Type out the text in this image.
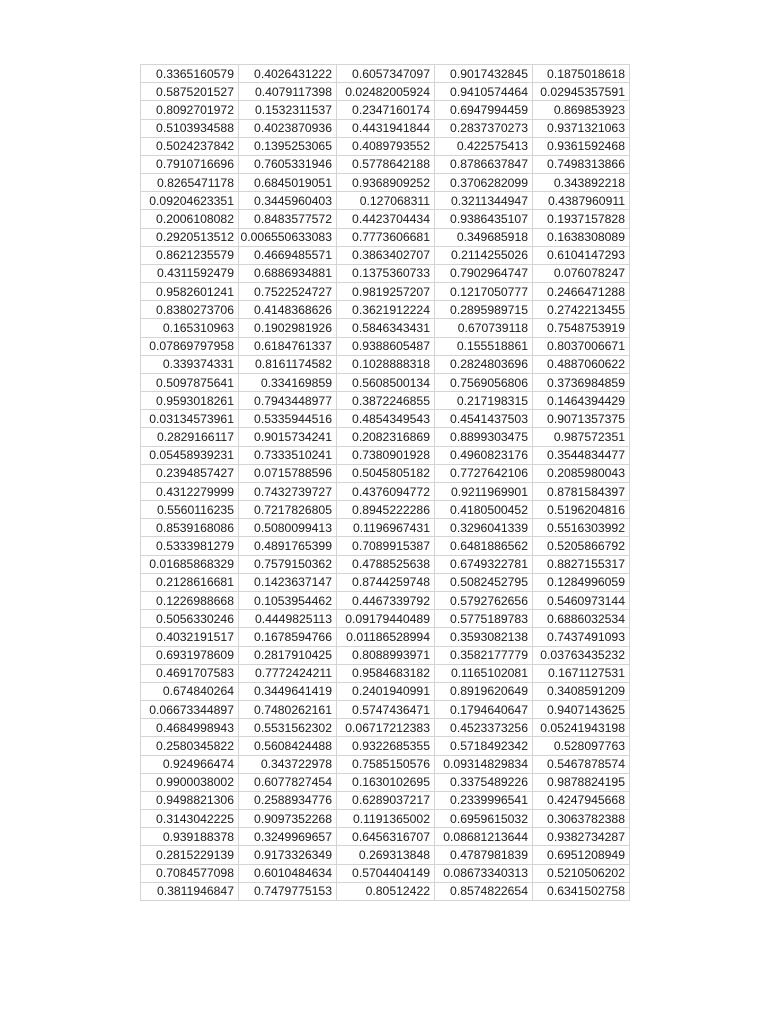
0.3365160579	0.4026431222	0.6057347097	0.9017432845	0.1875018618
0.5875201527	0.4079117398	0.02482005924	0.9410574464	0.02945357591
0.8092701972	0.1532311537	0.2347160174	0.6947994459	0.869853923
0.5103934588	0.4023870936	0.4431941844	0.2837370273	0.9371321063
0.5024237842	0.1395253065	0.4089793552	0.422575413	0.9361592468
0.7910716696	0.7605331946	0.5778642188	0.8786637847	0.7498313866
0.8265471178	0.6845019051	0.9368909252	0.3706282099	0.343892218
0.09204623351	0.3445960403	0.127068311	0.3211344947	0.4387960911
0.2006108082	0.8483577572	0.4423704434	0.9386435107	0.1937157828
0.2920513512	0.006550633083	0.7773606681	0.349685918	0.1638308089
0.8621235579	0.4669485571	0.3863402707	0.2114255026	0.6104147293
0.4311592479	0.6886934881	0.1375360733	0.7902964747	0.076078247
0.9582601241	0.7522524727	0.9819257207	0.1217050777	0.2466471288
0.8380273706	0.4148368626	0.3621912224	0.2895989715	0.2742213455
0.165310963	0.1902981926	0.5846343431	0.670739118	0.7548753919
0.07869797958	0.6184761337	0.9388605487	0.155518861	0.8037006671
0.339374331	0.8161174582	0.1028888318	0.2824803696	0.4887060622
0.5097875641	0.334169859	0.5608500134	0.7569056806	0.3736984859
0.9593018261	0.7943448977	0.3872246855	0.217198315	0.1464394429
0.03134573961	0.5335944516	0.4854349543	0.4541437503	0.9071357375
0.2829166117	0.9015734241	0.2082316869	0.8899303475	0.987572351
0.05458939231	0.7333510241	0.7380901928	0.4960823176	0.3544834477
0.2394857427	0.0715788596	0.5045805182	0.7727642106	0.2085980043
0.4312279999	0.7432739727	0.4376094772	0.9211969901	0.8781584397
0.5560116235	0.7217826805	0.8945222286	0.4180500452	0.5196204816
0.8539168086	0.5080099413	0.1196967431	0.3296041339	0.5516303992
0.5333981279	0.4891765399	0.7089915387	0.6481886562	0.5205866792
0.01685868329	0.7579150362	0.4788525638	0.6749322781	0.8827155317
0.2128616681	0.1423637147	0.8744259748	0.5082452795	0.1284996059
0.1226988668	0.1053954462	0.4467339792	0.5792762656	0.5460973144
0.5056330246	0.4449825113	0.09179440489	0.5775189783	0.6886032534
0.4032191517	0.1678594766	0.01186528994	0.3593082138	0.7437491093
0.6931978609	0.2817910425	0.8088993971	0.3582177779	0.03763435232
0.4691707583	0.7772424211	0.9584683182	0.1165102081	0.1671127531
0.674840264	0.3449641419	0.2401940991	0.8919620649	0.3408591209
0.06673344897	0.7480262161	0.5747436471	0.1794640647	0.9407143625
0.4684998943	0.5531562302	0.06717212383	0.4523373256	0.05241943198
0.2580345822	0.5608424488	0.9322685355	0.5718492342	0.528097763
0.924966474	0.343722978	0.7585150576	0.09314829834	0.5467878574
0.9900038002	0.6077827454	0.1630102695	0.3375489226	0.9878824195
0.9498821306	0.2588934776	0.6289037217	0.2339996541	0.4247945668
0.3143042225	0.9097352268	0.1191365002	0.6959615032	0.3063782388
0.939188378	0.3249969657	0.6456316707	0.08681213644	0.9382734287
0.2815229139	0.9173326349	0.269313848	0.4787981839	0.6951208949
0.7084577098	0.6010484634	0.5704404149	0.08673340313	0.5210506202
0.3811946847	0.7479775153	0.80512422	0.8574822654	0.6341502758
